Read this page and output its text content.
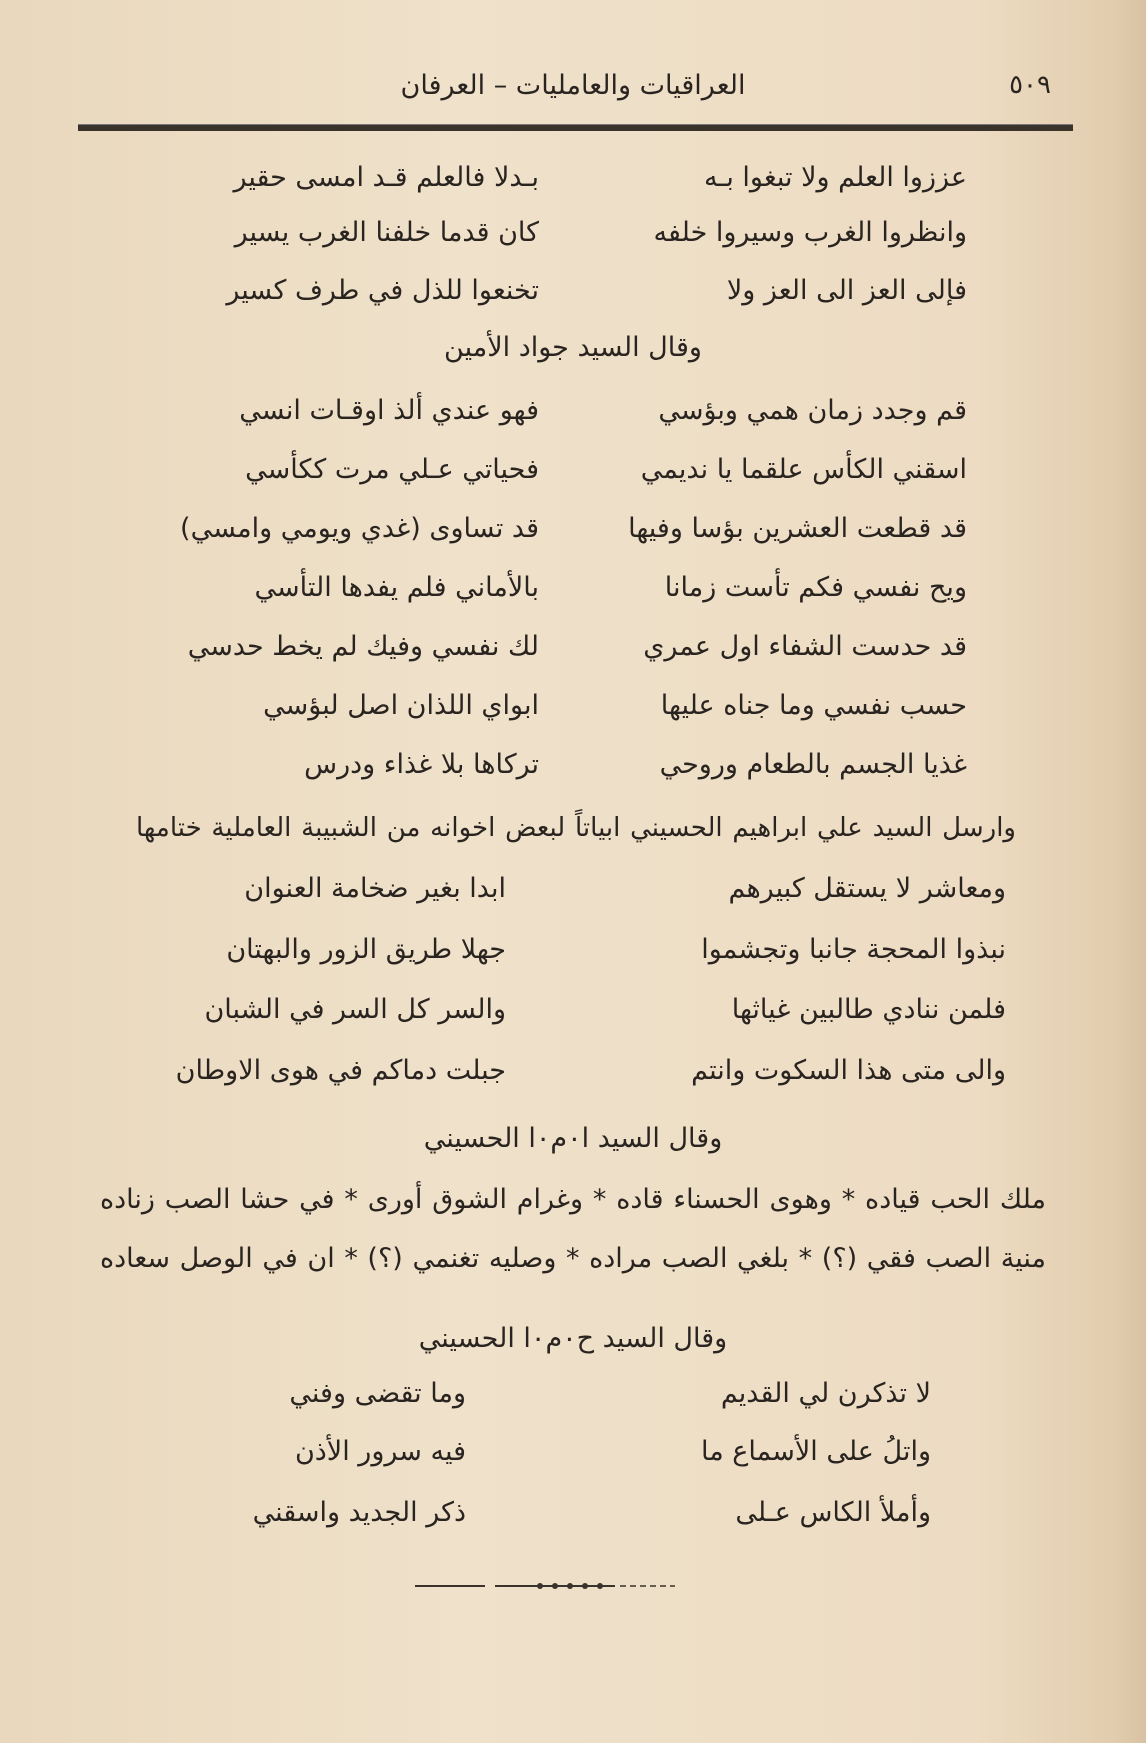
٥٠٩
العراقيات والعامليات – العرفان
عززوا العلم ولا تبغوا بـه
بـدلا فالعلم قـد امسى حقير
وانظروا الغرب وسيروا خلفه
كان قدما خلفنا الغرب يسير
فإلى العز الى العز ولا
تخنعوا للذل في طرف كسير
وقال السيد جواد الأمين
قم وجدد زمان همي وبؤسي
فهو عندي ألذ اوقـات انسي
اسقني الكأس علقما يا نديمي
فحياتي عـلي مرت ككأسي
قد قطعت العشرين بؤسا وفيها
قد تساوى (غدي ويومي وامسي)
ويح نفسي فكم تأست زمانا
بالأماني فلم يفدها التأسي
قد حدست الشفاء اول عمري
لك نفسي وفيك لم يخط حدسي
حسب نفسي وما جناه عليها
ابواي اللذان اصل لبؤسي
غذيا الجسم بالطعام وروحي
تركاها بلا غذاء ودرس
وارسل السيد علي ابراهيم الحسيني ابياتاً لبعض اخوانه من الشبيبة العاملية ختامها
ومعاشر لا يستقل كبيرهم
ابدا بغير ضخامة العنوان
نبذوا المحجة جانبا وتجشموا
جهلا طريق الزور والبهتان
فلمن ننادي طالبين غياثها
والسر كل السر في الشبان
والى متى هذا السكوت وانتم
جبلت دماكم في هوى الاوطان
وقال السيد ا٠م٠ا الحسيني
ملك الحب قياده * وهوى الحسناء قاده * وغرام الشوق أورى * في حشا الصب زناده
منية الصب فقي (؟) * بلغي الصب مراده * وصليه تغنمي (؟) * ان في الوصل سعاده
وقال السيد ح٠م٠ا الحسيني
لا تذكرن لي القديم
وما تقضى وفني
واتلُ على الأسماع ما
فيه سرور الأذن
وأملأ الكاس عـلى
ذكر الجديد واسقني
